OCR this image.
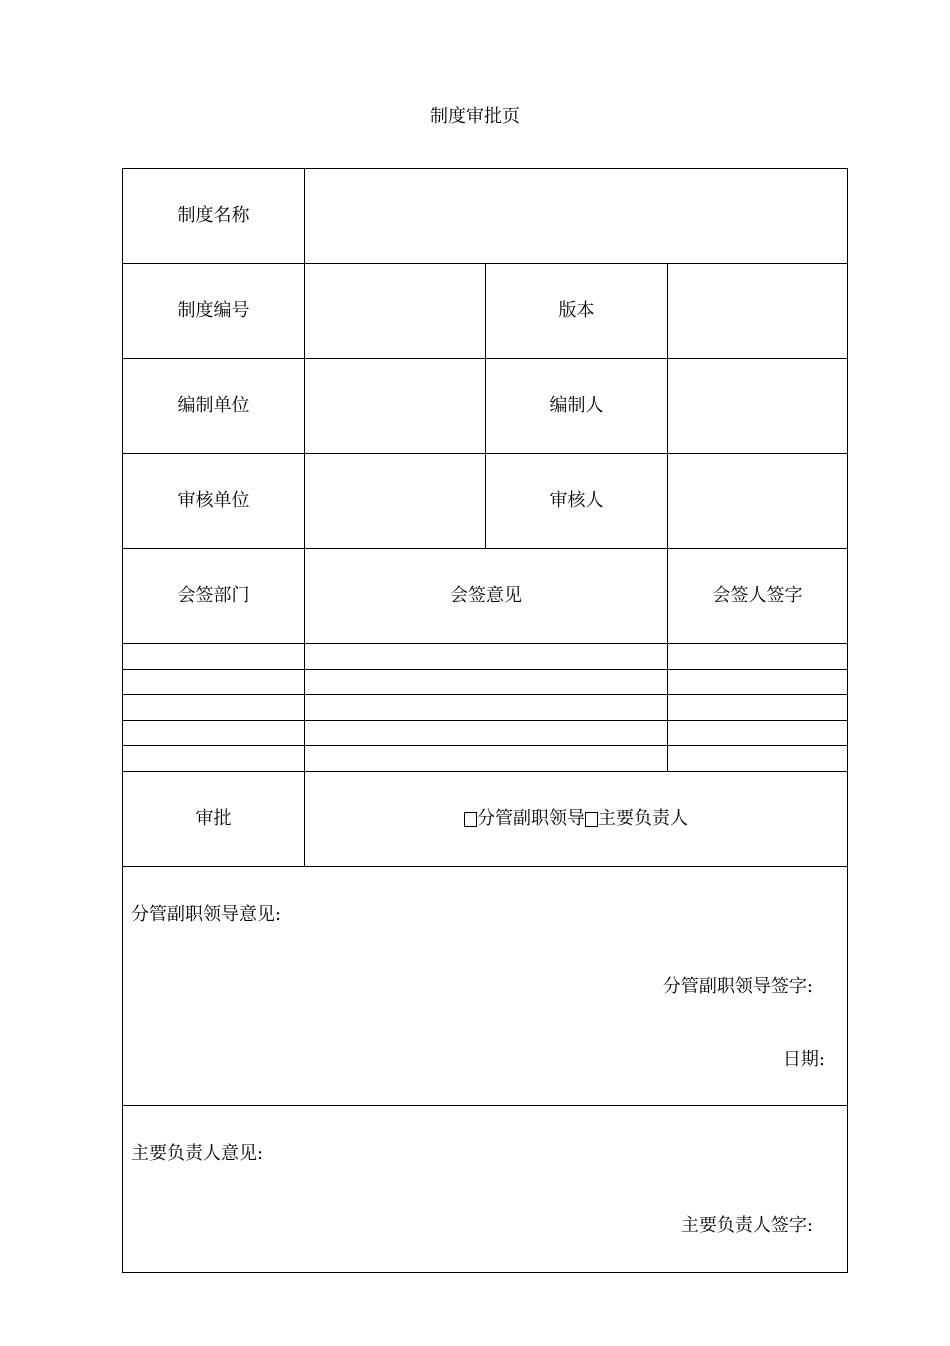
制度审批页
制度名称
制度编号	版本
编制单位	编制人
审核单位	审核人
会签部门	会签意见	会签人签字
审批	分管副职领导 主要负责人
分管副职领导意见:
分管副职领导签字:
日期:
主要负责人意见:
主要负责人签字:
